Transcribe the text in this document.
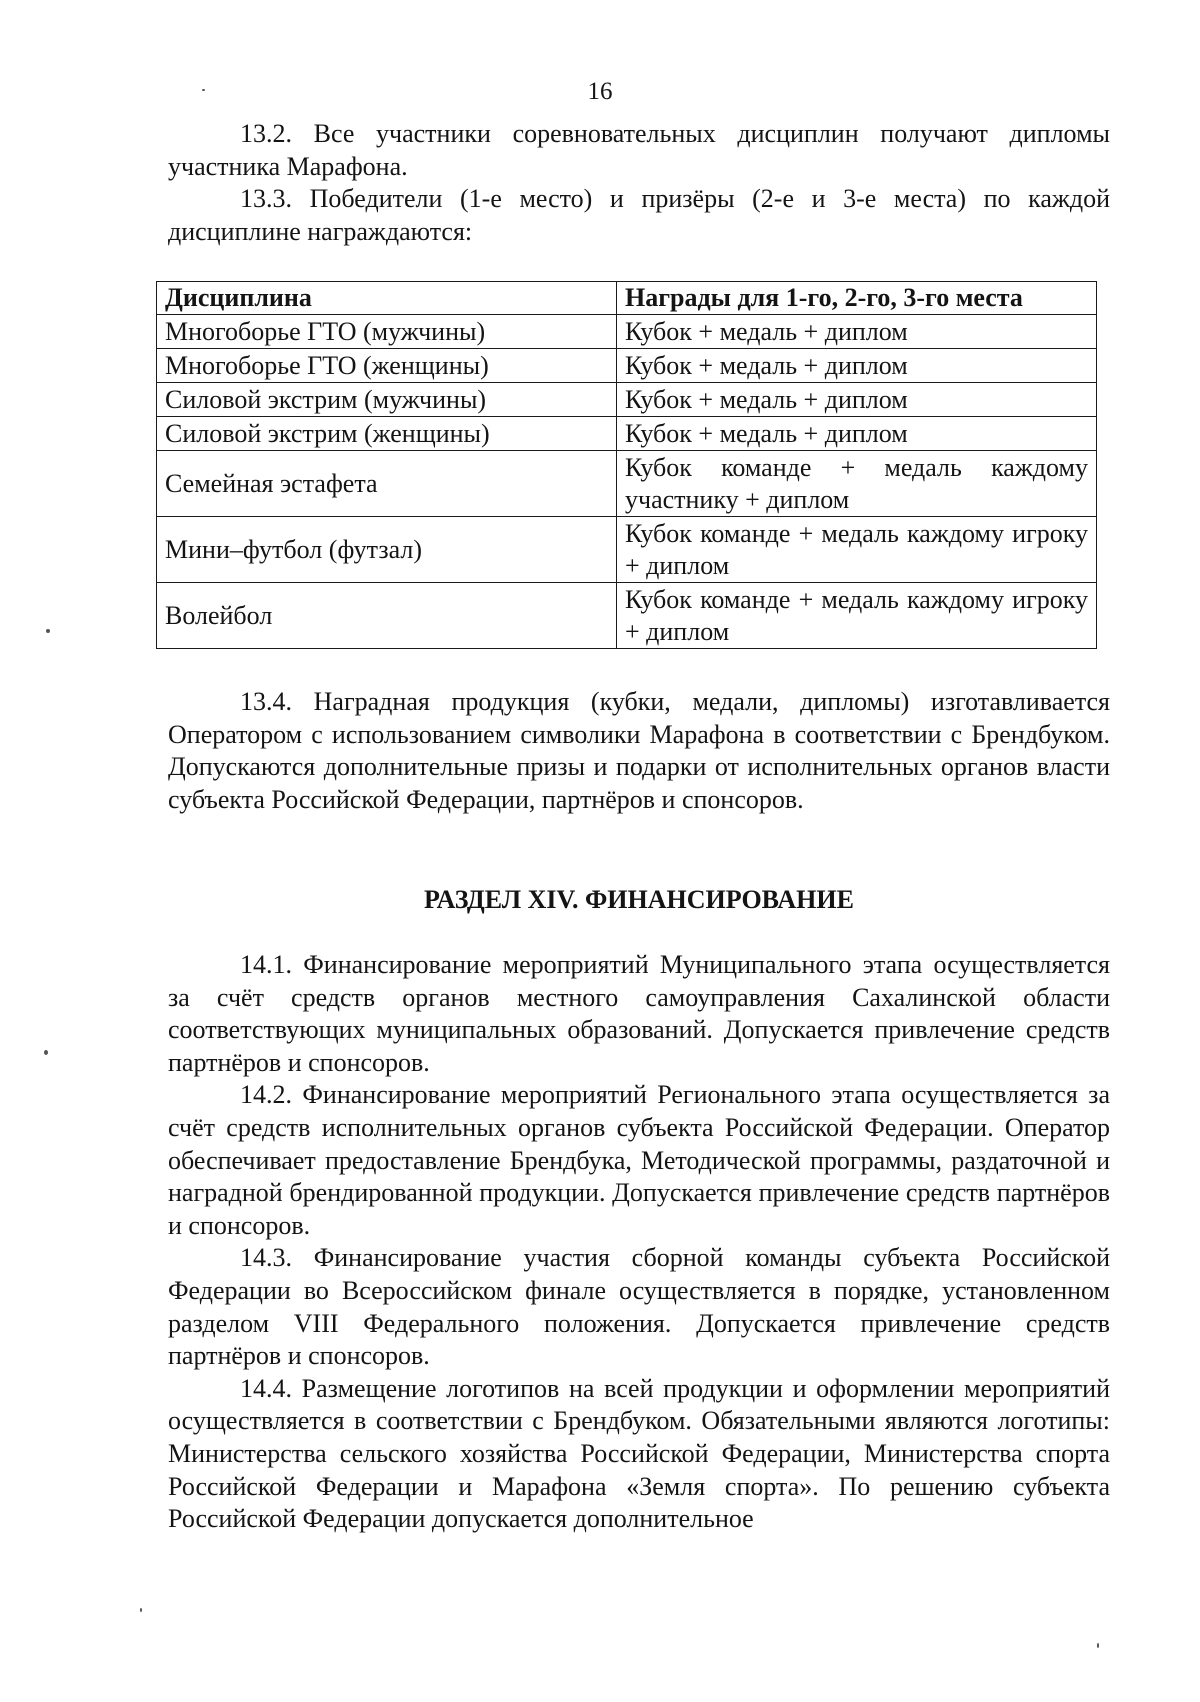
16

13.2. Все участники соревновательных дисциплин получают дипломы участника Марафона.

13.3. Победители (1-е место) и призёры (2-е и 3-е места) по каждой дисциплине награждаются:

Дисциплина	Награды для 1-го, 2-го, 3-го места
Многоборье ГТО (мужчины)	Кубок + медаль + диплом
Многоборье ГТО (женщины)	Кубок + медаль + диплом
Силовой экстрим (мужчины)	Кубок + медаль + диплом
Силовой экстрим (женщины)	Кубок + медаль + диплом
Семейная эстафета	Кубок команде + медаль каждому участнику + диплом
Мини–футбол (футзал)	Кубок команде + медаль каждому игроку + диплом
Волейбол	Кубок команде + медаль каждому игроку + диплом

13.4. Наградная продукция (кубки, медали, дипломы) изготавливается Оператором с использованием символики Марафона в соответствии с Брендбуком. Допускаются дополнительные призы и подарки от исполнительных органов власти субъекта Российской Федерации, партнёров и спонсоров.

РАЗДЕЛ XIV. ФИНАНСИРОВАНИЕ

14.1. Финансирование мероприятий Муниципального этапа осуществляется за счёт средств органов местного самоуправления Сахалинской области соответствующих муниципальных образований. Допускается привлечение средств партнёров и спонсоров.

14.2. Финансирование мероприятий Регионального этапа осуществляется за счёт средств исполнительных органов субъекта Российской Федерации. Оператор обеспечивает предоставление Брендбука, Методической программы, раздаточной и наградной брендированной продукции. Допускается привлечение средств партнёров и спонсоров.

14.3. Финансирование участия сборной команды субъекта Российской Федерации во Всероссийском финале осуществляется в порядке, установленном разделом VIII Федерального положения. Допускается привлечение средств партнёров и спонсоров.

14.4. Размещение логотипов на всей продукции и оформлении мероприятий осуществляется в соответствии с Брендбуком. Обязательными являются логотипы: Министерства сельского хозяйства Российской Федерации, Министерства спорта Российской Федерации и Марафона «Земля спорта». По решению субъекта Российской Федерации допускается дополнительное
